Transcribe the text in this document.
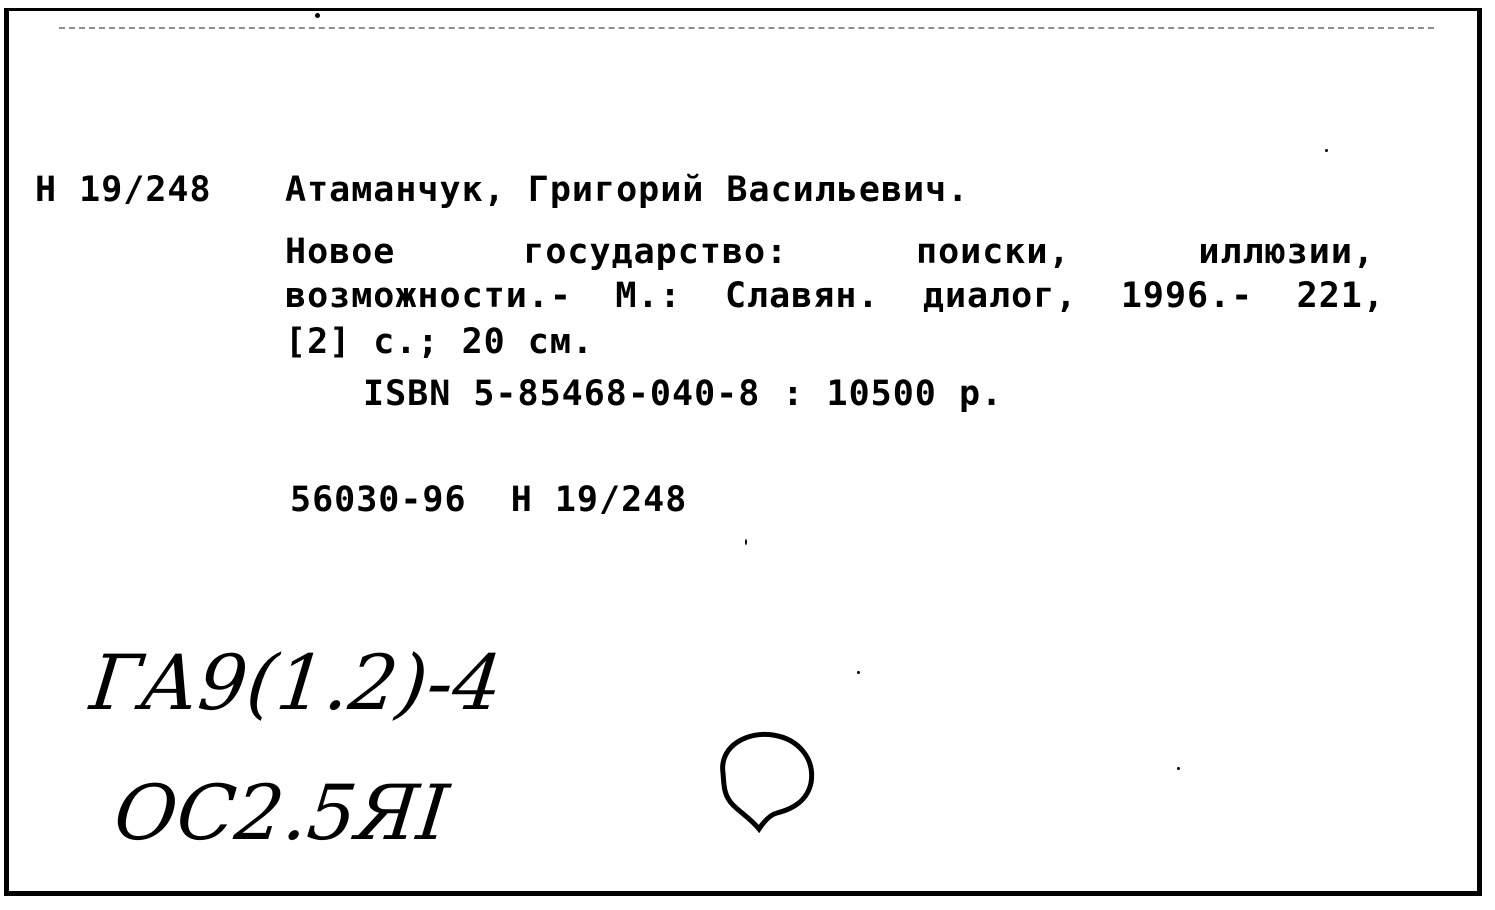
Н 19/248 Атаманчук, Григорий Васильевич.
Новое	государство:	поиски,	иллюзии,
возможности.- М.: Славян. диалог, 1996.- 221,
[2] с.; 20 см.
ISBN 5-85468-040-8 : 10500 р.
56030-96  Н 19/248
ГА9(1.2)-4
ОС2.5ЯI
